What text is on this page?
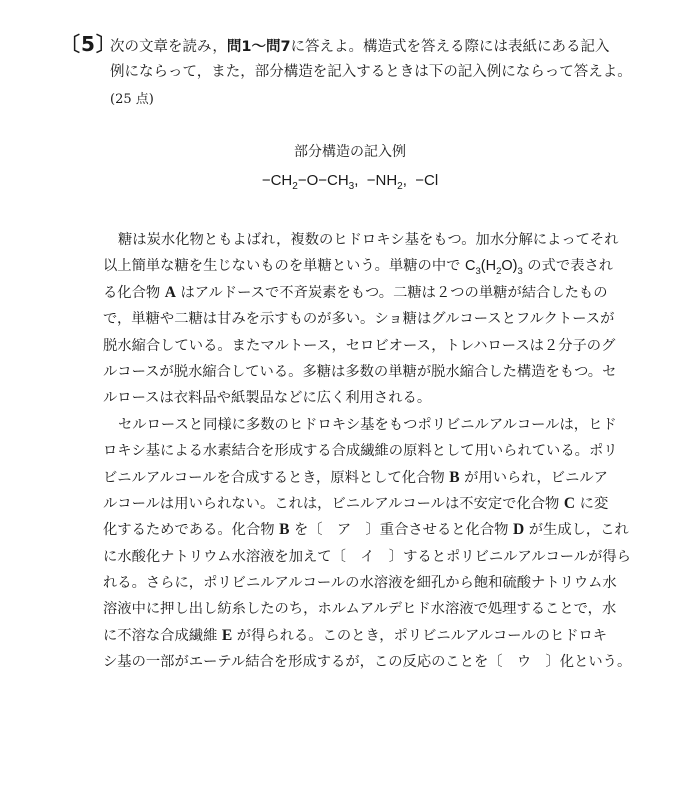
〔5〕次の文章を読み，問1～問7に答えよ。構造式を答える際には表紙にある記入
例にならって，また，部分構造を記入するときは下の記入例にならって答えよ。
(25 点)
部分構造の記入例
$-CH_2-O-CH_3$,  $-NH_2$,  −Cl
糖は炭水化物ともよばれ，複数のヒドロキシ基をもつ。加水分解によってそれ
以上簡単な糖を生じないものを単糖という。単糖の中で $C_3(H_2O)_3$ の式で表され
る化合物 A はアルドースで不斉炭素をもつ。二糖は２つの単糖が結合したもの
で，単糖や二糖は甘みを示すものが多い。ショ糖はグルコースとフルクトースが
脱水縮合している。またマルトース，セロビオース，トレハロースは２分子のグ
ルコースが脱水縮合している。多糖は多数の単糖が脱水縮合した構造をもつ。セ
ルロースは衣料品や紙製品などに広く利用される。
セルロースと同様に多数のヒドロキシ基をもつポリビニルアルコールは，ヒド
ロキシ基による水素結合を形成する合成繊維の原料として用いられている。ポリ
ビニルアルコールを合成するとき，原料として化合物 B が用いられ，ビニルア
ルコールは用いられない。これは，ビニルアルコールは不安定で化合物 C に変
化するためである。化合物 B を〔　ア　〕重合させると化合物 D が生成し，これ
に水酸化ナトリウム水溶液を加えて〔　イ　〕するとポリビニルアルコールが得ら
れる。さらに，ポリビニルアルコールの水溶液を細孔から飽和硫酸ナトリウム水
溶液中に押し出し紡糸したのち，ホルムアルデヒド水溶液で処理することで，水
に不溶な合成繊維 E が得られる。このとき，ポリビニルアルコールのヒドロキ
シ基の一部がエーテル結合を形成するが，この反応のことを〔　ウ　〕化という。
